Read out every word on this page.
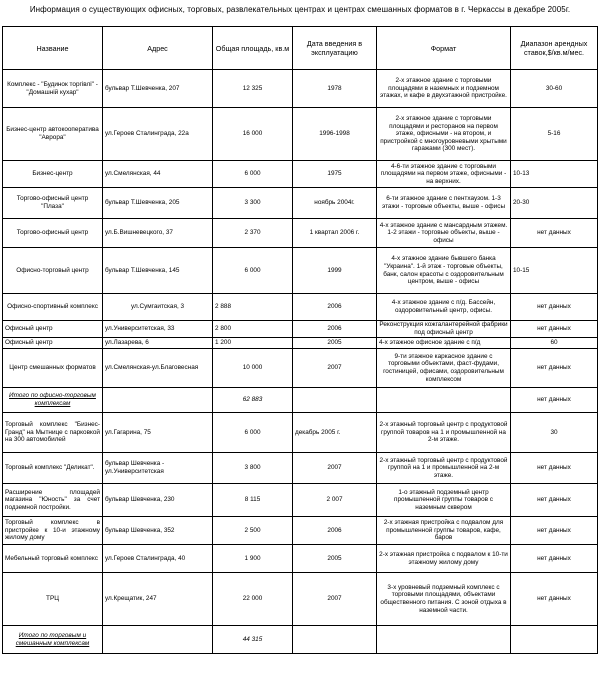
Информация о существующих офисных, торговых, развлекательных центрах и центрах смешанных форматов в г. Черкассы в декабре 2005г.
Название	Адрес	Общая площадь, кв.м	Дата введения в эксплуатацию	Формат	Диапазон арендных ставок,$/кв.м/мес.
Комплекс - "Будинок торгівлі" - "Домашній кухар"	бульвар Т.Шевченка, 207	12 325	1978	2-х этажное здание с торговыми площадями в наземных и подземном этажах, и кафе в двухэтажной пристройке.	30-60
Бизнес-центр автокооператива "Аврора"	ул.Героев Сталинграда, 22а	16 000	1996-1998	2-х этажное здание с торговыми площадями и ресторанов на первом этаже, офисными - на втором, и пристройкой с многоуровневыми хрытыми гаражами (300 мест).	5-16
Бизнес-центр	ул.Смелянская, 44	6 000	1975	4-6-ти этажное здание с торговыми площадями на первом этаже, офисными - на верхних.	10-13
Торгово-офисный центр "Плаза"	бульвар Т.Шевченка, 205	3 300	ноябрь 2004г.	6-ти этажное здание с пентхаузом. 1-3 этажи - торговые объекты, выше - офисы	20-30
Торгово-офисный центр	ул.Б.Вишневецкого, 37	2 370	1 квартал 2006 г.	4-х этажное здание с мансардным этажем. 1-2 этажи - торговые объекты, выше - офисы	нет данных
Офисно-торговый центр	бульвар Т.Шевченка, 145	6 000	1999	4-х этажное здание бывшего банка "Украина". 1-й этаж - торговые объекты, банк, салон красоты с оздоровительным центром, выше - офисы	10-15
Офисно-спортивный комплекс	ул.Сумгаитская, 3	2 888	2006	4-х этажное здание с п/д. Бассейн, оздоровительный центр, офисы.	нет данных
Офисный центр	ул.Университетская, 33	2 800	2006	Реконструкция кожгалантерейной фабрики под офисный центр	нет данных
Офисный центр	ул.Лазарева, 6	1 200	2005	4-х этажное офисное здание с п/д	60
Центр смешанных форматов	ул.Смелянская-ул.Благовесная	10 000	2007	9-ти этажное каркасное здание с торговыми объектами, фаст-фудами, гостиницей, офисами, оздоровительным комплексом	нет данных
Итого по офисно-торговым комплексам		62 883			нет данных
Торговый комплекс "Бизнес-Гранд" на Мытнице с парковкой на 300 автомобилей	ул.Гагарина, 75	6 000	декабрь 2005 г.	2-х этажный торговый центр с продуктовой группой товаров на 1 и промышленной на 2-м этаже.	30
Торговый комплекс "Деликат".	бульвар Шевченка - ул.Университетская	3 800	2007	2-х этажный торговый центр с продуктовой группой на 1 и промышленной на 2-м этаже.	нет данных
Расширение площадей магазина "Юность" за счет подземной постройки.	бульвар Шевченка, 230	8 115	2 007	1-о этажный подземный центр промышленной группы товаров с наземным сквером	нет данных
Торговый комплекс в пристройке к 10-и этажному жилому дому	бульвар Шевченка, 352	2 500	2006	2-х этажная пристройка с подвалом для промышленной группы товаров, кафе, баров	нет данных
Мебельный торговый комплекс	ул.Героев Сталинграда, 40	1 900	2005	2-х этажная пристройка с подвалом к 10-ти этажному жилому дому	нет данных
ТРЦ	ул.Крещатик, 247	22 000	2007	3-х уровневый подземный комплекс с торговыми площадями, объектами общественного питания. С зоной отдыха в наземной части.	нет данных
Итого по торговым и смешанным комплексам		44 315			
